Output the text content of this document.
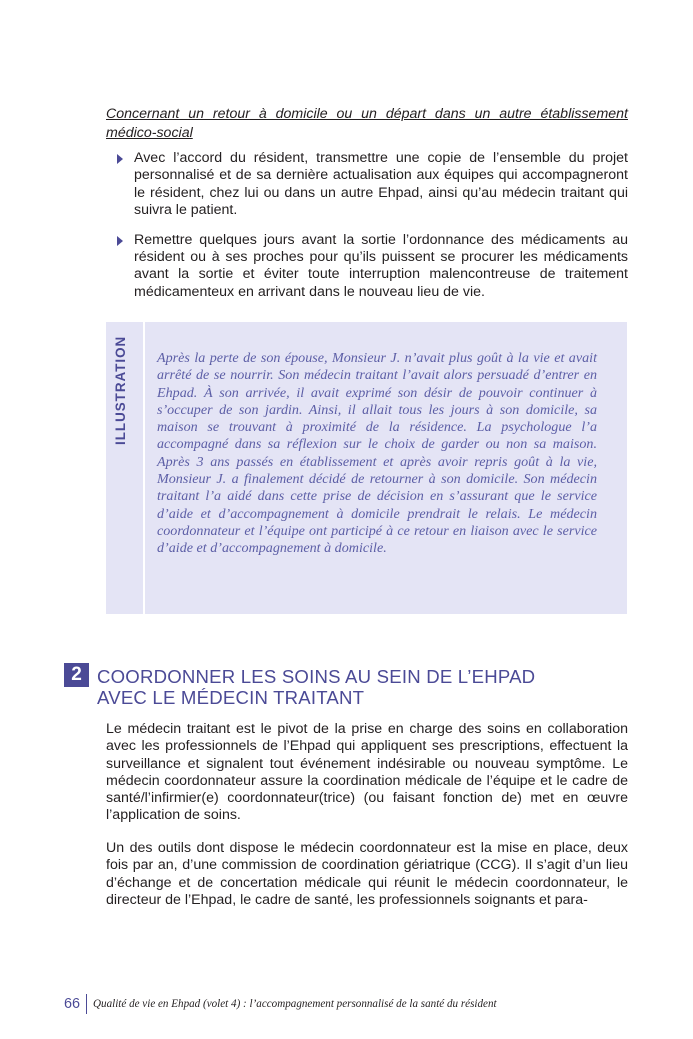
Concernant un retour à domicile ou un départ dans un autre établissement médico-social
Avec l’accord du résident, transmettre une copie de l’ensemble du projet personnalisé et de sa dernière actualisation aux équipes qui accompagneront le résident, chez lui ou dans un autre Ehpad, ainsi qu’au médecin traitant qui suivra le patient.
Remettre quelques jours avant la sortie l’ordonnance des médicaments au résident ou à ses proches pour qu’ils puissent se procurer les médicaments avant la sortie et éviter toute interruption malencontreuse de traitement médicamenteux en arrivant dans le nouveau lieu de vie.
ILLUSTRATION	Après la perte de son épouse, Monsieur J. n’avait plus goût à la vie et avait arrêté de se nourrir. Son médecin traitant l’avait alors persuadé d’entrer en Ehpad. À son arrivée, il avait exprimé son désir de pouvoir continuer à s’occuper de son jardin. Ainsi, il allait tous les jours à son domicile, sa maison se trouvant à proximité de la résidence. La psychologue l’a accompagné dans sa réflexion sur le choix de garder ou non sa maison. Après 3 ans passés en établissement et après avoir repris goût à la vie, Monsieur J. a finalement décidé de retourner à son domicile. Son médecin traitant l’a aidé dans cette prise de décision en s’assurant que le service d’aide et d’accompagnement à domicile prendrait le relais. Le médecin coordonnateur et l’équipe ont participé à ce retour en liaison avec le service d’aide et d’accompagnement à domicile.

2 COORDONNER LES SOINS AU SEIN DE L’EHPAD
AVEC LE MÉDECIN TRAITANT

Le médecin traitant est le pivot de la prise en charge des soins en collaboration avec les professionnels de l’Ehpad qui appliquent ses prescriptions, effectuent la surveillance et signalent tout événement indésirable ou nouveau symptôme. Le médecin coordonnateur assure la coordination médicale de l’équipe et le cadre de santé/l’infirmier(e) coordonnateur(trice) (ou faisant fonction de) met en œuvre l’application de soins.

Un des outils dont dispose le médecin coordonnateur est la mise en place, deux fois par an, d’une commission de coordination gériatrique (CCG). Il s’agit d’un lieu d’échange et de concertation médicale qui réunit le médecin coordonnateur, le directeur de l’Ehpad, le cadre de santé, les professionnels soignants et para-

66 Qualité de vie en Ehpad (volet 4) : l’accompagnement personnalisé de la santé du résident
